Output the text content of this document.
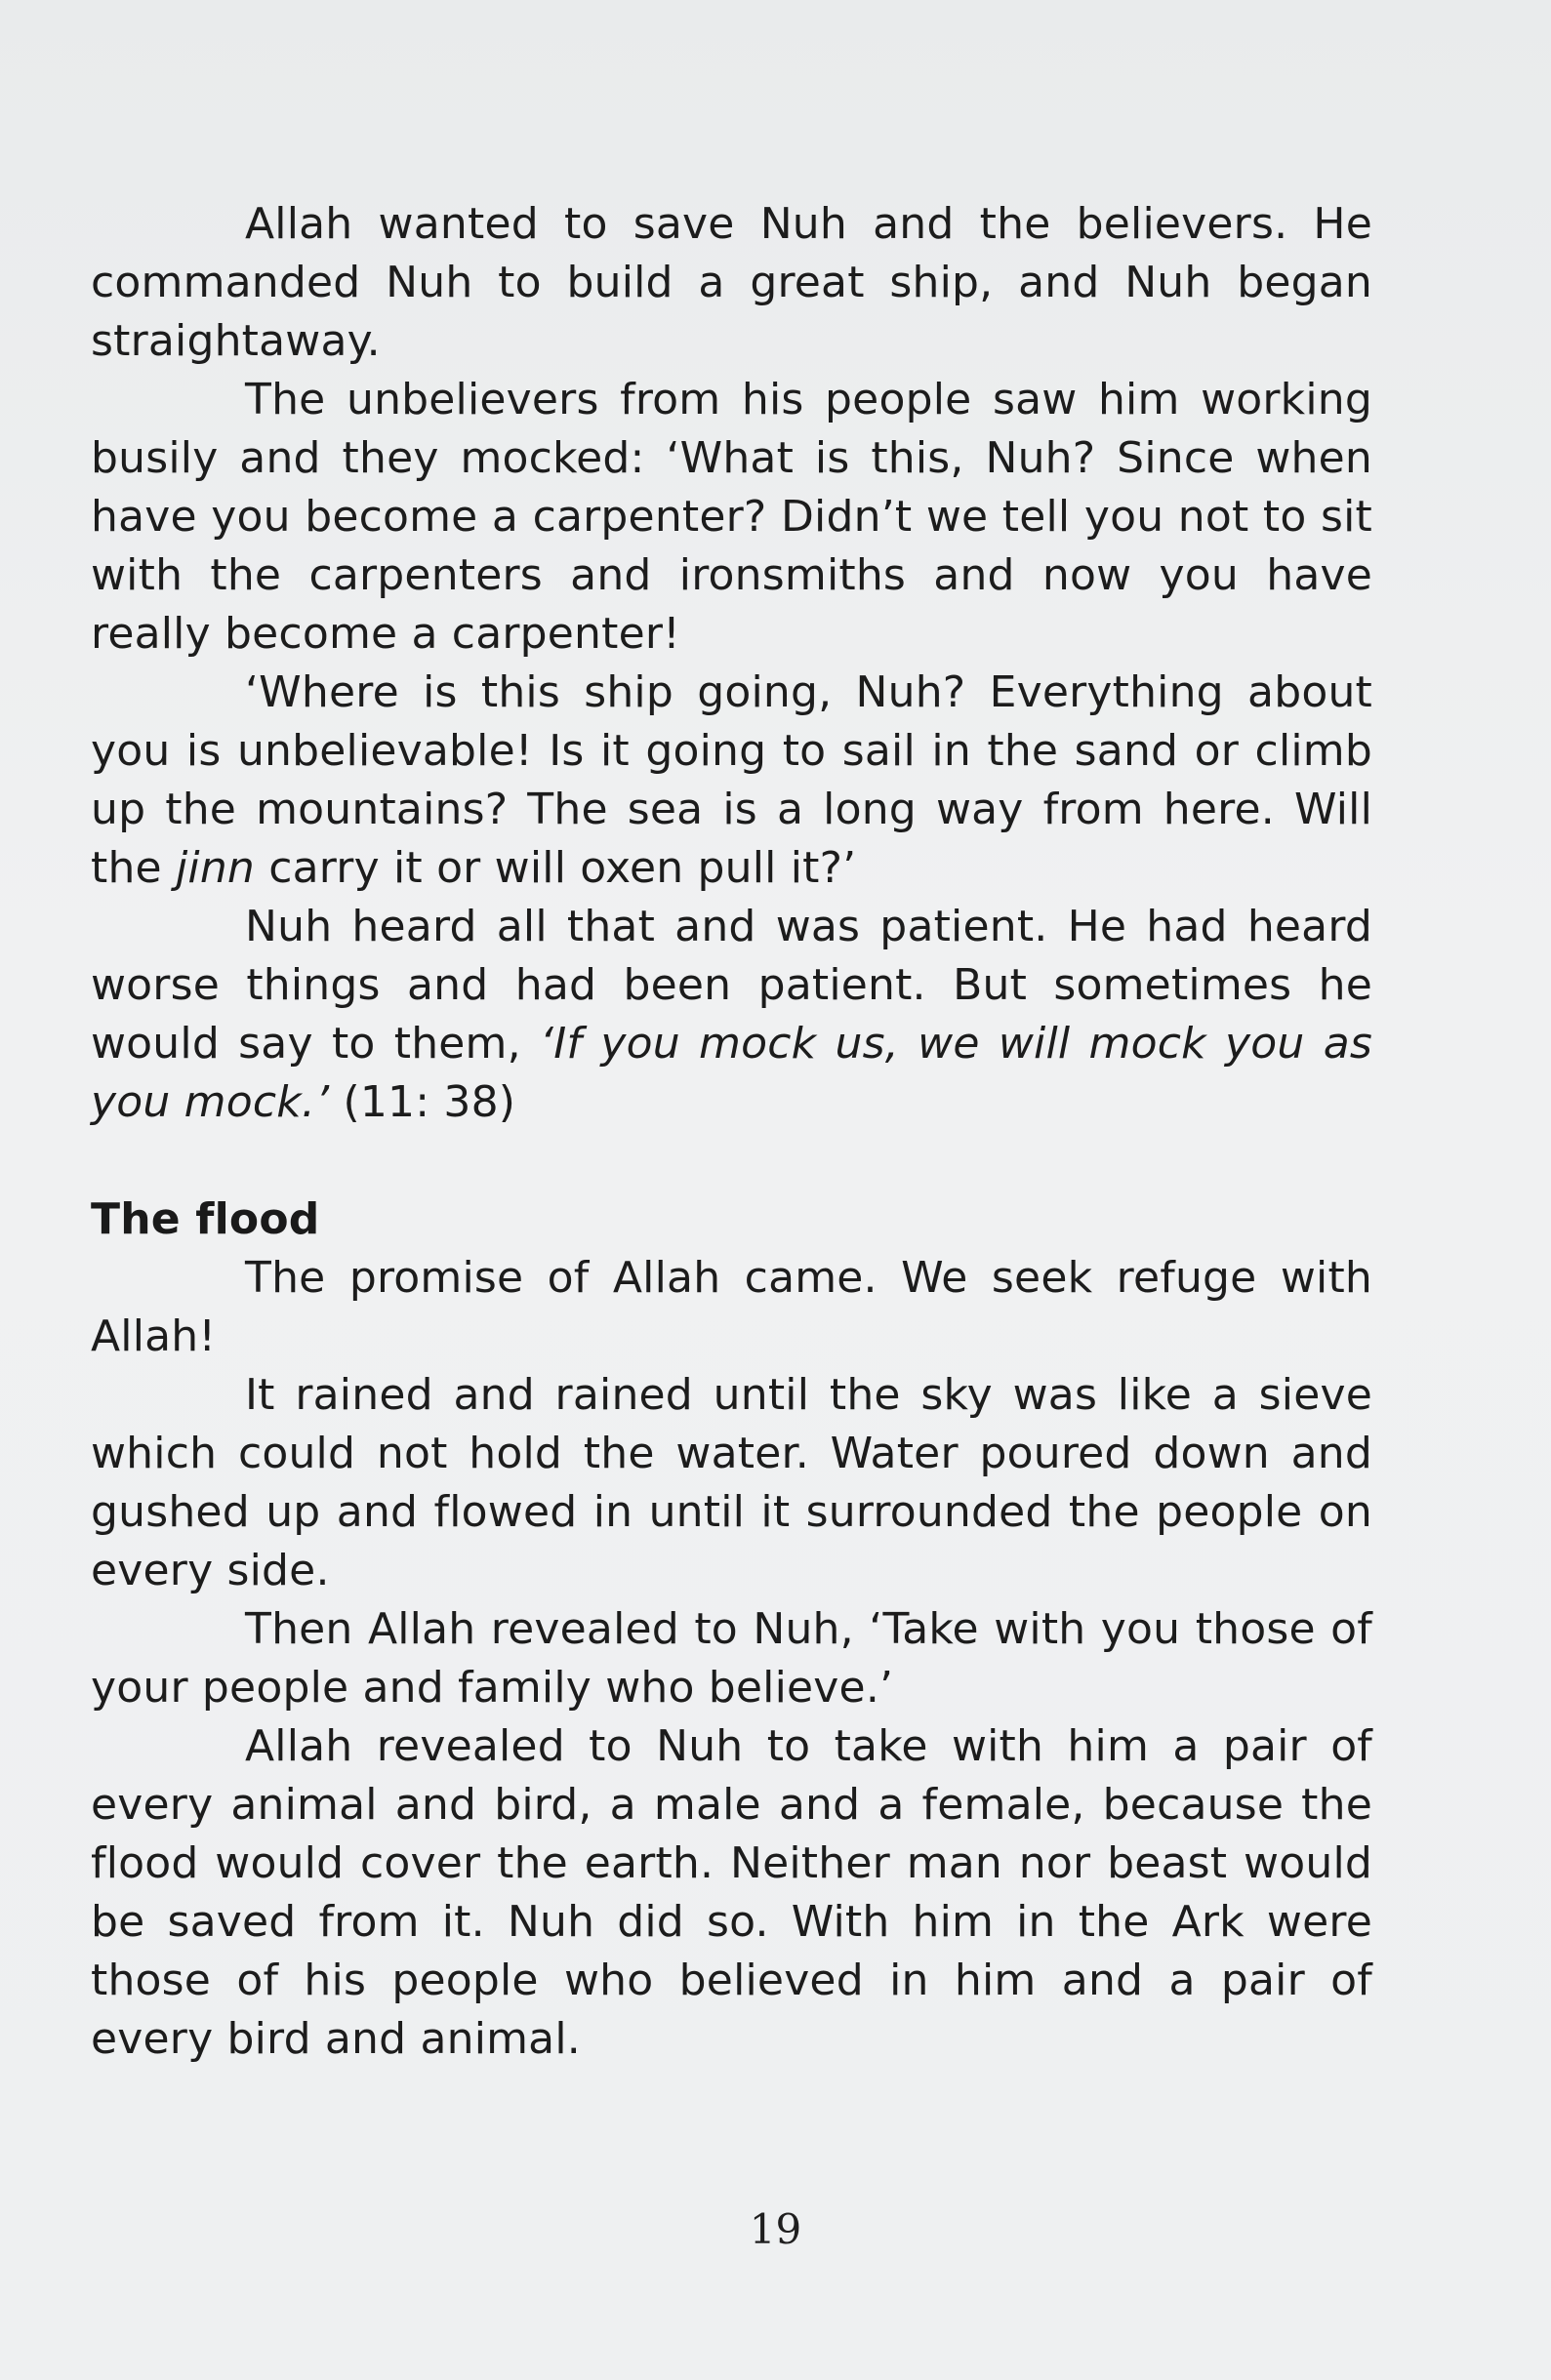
Allah wanted to save Nuh and the believers. He commanded Nuh to build a great ship, and Nuh began straightaway.

The unbelievers from his people saw him working busily and they mocked: ‘What is this, Nuh? Since when have you become a carpenter? Didn’t we tell you not to sit with the carpenters and ironsmiths and now you have really become a carpenter!

‘Where is this ship going, Nuh? Everything about you is unbelievable! Is it going to sail in the sand or climb up the mountains? The sea is a long way from here. Will the jinn carry it or will oxen pull it?’

Nuh heard all that and was patient. He had heard worse things and had been patient. But sometimes he would say to them, ‘If you mock us, we will mock you as you mock.’ (11: 38)

The flood

The promise of Allah came. We seek refuge with Allah!

It rained and rained until the sky was like a sieve which could not hold the water. Water poured down and gushed up and flowed in until it surrounded the people on every side.

Then Allah revealed to Nuh, ‘Take with you those of your people and family who believe.’

Allah revealed to Nuh to take with him a pair of every animal and bird, a male and a female, because the flood would cover the earth. Neither man nor beast would be saved from it. Nuh did so. With him in the Ark were those of his people who believed in him and a pair of every bird and animal.

19
